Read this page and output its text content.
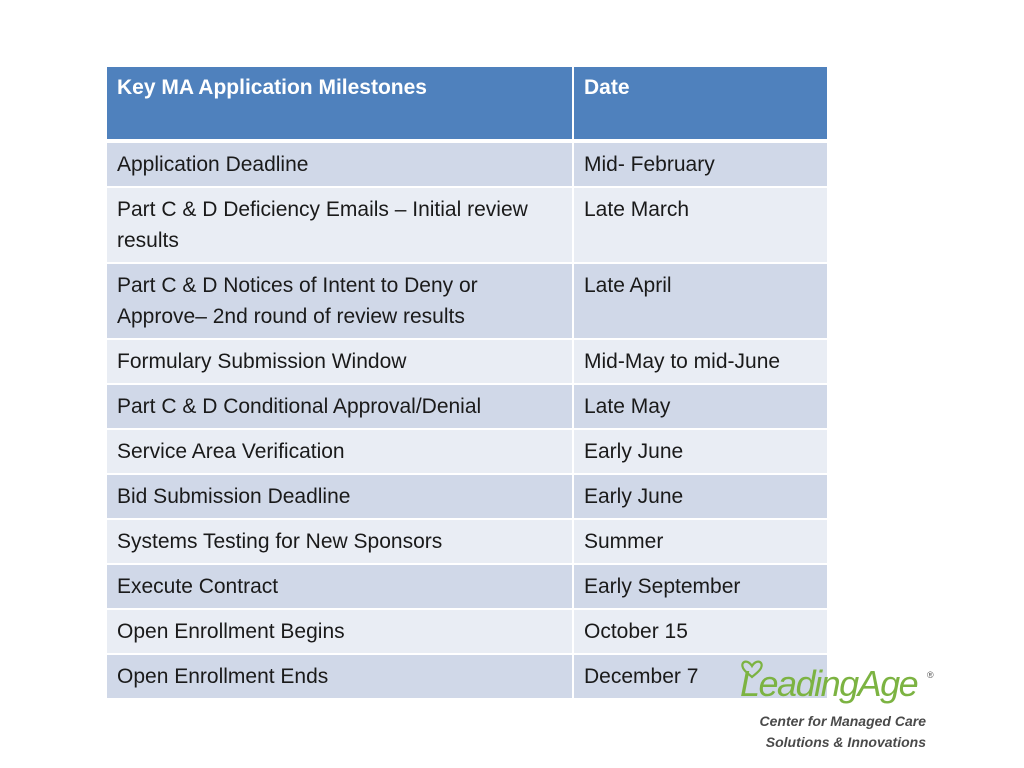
Key MA Application Milestones	Date
Application Deadline	Mid- February
Part C & D Deficiency Emails – Initial review results	Late March
Part C & D Notices of Intent to Deny or Approve– 2nd round of review results	Late April
Formulary Submission Window	Mid-May to mid-June
Part C & D Conditional Approval/Denial	Late May
Service Area Verification	Early June
Bid Submission Deadline	Early June
Systems Testing for New Sponsors	Summer
Execute Contract	Early September
Open Enrollment Begins	October 15
Open Enrollment Ends	December 7 LeadingAge ®
Center for Managed Care
Solutions & Innovations
